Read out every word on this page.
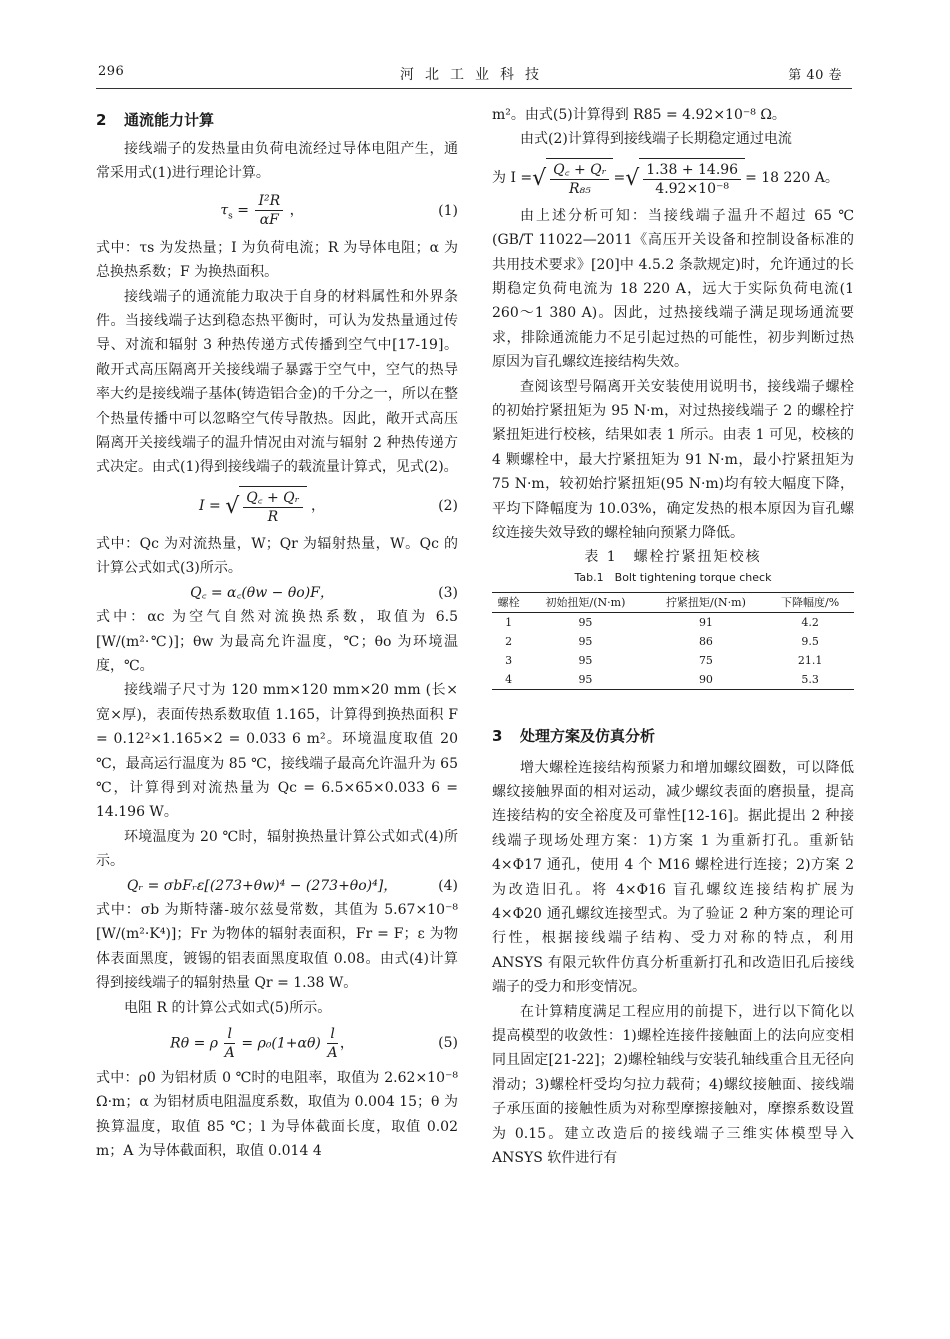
296	河北工业科技	第 40 卷
2 通流能力计算

接线端子的发热量由负荷电流经过导体电阻产生，通常采用式(1)进行理论计算。

$\tau_s = \frac{\text{I²R}}{\alpha F}$ ，	(1)

式中：τs 为发热量；I 为负荷电流；R 为导体电阻；α 为总换热系数；F 为换热面积。

接线端子的通流能力取决于自身的材料属性和外界条件。当接线端子达到稳态热平衡时，可认为发热量通过传导、对流和辐射 3 种热传递方式传播到空气中[17-19]。敞开式高压隔离开关接线端子暴露于空气中，空气的热导率大约是接线端子基体(铸造铝合金)的千分之一，所以在整个热量传播中可以忽略空气传导散热。因此，敞开式高压隔离开关接线端子的温升情况由对流与辐射 2 种热传递方式决定。由式(1)得到接线端子的载流量计算式，见式(2)。

I = √ $\frac{\text{Q꜀ + Qᵣ}}{R}$ ，	(2)

式中：Qc 为对流热量，W；Qr 为辐射热量，W。Qc 的计算公式如式(3)所示。

Q꜀ = α꜀(θw − θo)F，	(3)

式中：αc 为空气自然对流换热系数，取值为 6.5 [W/(m²·℃)]；θw 为最高允许温度，℃；θo 为环境温度，℃。

接线端子尺寸为 120 mm×120 mm×20 mm (长×宽×厚)，表面传热系数取值 1.165，计算得到换热面积 F = 0.12²×1.165×2 = 0.033 6 m²。环境温度取值 20 ℃，最高运行温度为 85 ℃，接线端子最高允许温升为 65 ℃，计算得到对流热量为 Qc = 6.5×65×0.033 6 = 14.196 W。

环境温度为 20 ℃时，辐射换热量计算公式如式(4)所示。

Qᵣ = σbFᵣε[(273+θw)⁴ − (273+θo)⁴]，	(4)

式中：σb 为斯特藩-玻尔兹曼常数，其值为 5.67×10⁻⁸ [W/(m²·K⁴)]；Fr 为物体的辐射表面积，Fr = F；ε 为物体表面黑度，镀锡的铝表面黑度取值 0.08。由式(4)计算得到接线端子的辐射热量 Qr = 1.38 W。

电阻 R 的计算公式如式(5)所示。

Rθ = ρ $\frac{l}{A} = \rho_0(1+\alpha\theta) \frac{l}{A}$ ，	(5)

式中：ρ0 为铝材质 0 ℃时的电阻率，取值为 2.62×10⁻⁸ Ω·m；α 为铝材质电阻温度系数，取值为 0.004 15；θ 为换算温度，取值 85 ℃；l 为导体截面长度，取值 0.02 m；A 为导体截面积，取值 0.014 4

m²。由式(5)计算得到 R85 = 4.92×10⁻⁸ Ω。

由式(2)计算得到接线端子长期稳定通过电流

为 I = √ $\frac{\text{Q꜀ + Qᵣ}}{\text{R₈₅}}$ = √ $\frac{1.38 + 14.96}{\text{4.92×10⁻⁸}} = 18$ 220 A。

由上述分析可知：当接线端子温升不超过 65 ℃(GB/T 11022—2011《高压开关设备和控制设备标准的共用技术要求》[20]中 4.5.2 条款规定)时，允许通过的长期稳定负荷电流为 18 220 A，远大于实际负荷电流(1 260～1 380 A)。因此，过热接线端子满足现场通流要求，排除通流能力不足引起过热的可能性，初步判断过热原因为盲孔螺纹连接结构失效。

查阅该型号隔离开关安装使用说明书，接线端子螺栓的初始拧紧扭矩为 95 N·m，对过热接线端子 2 的螺栓拧紧扭矩进行校核，结果如表 1 所示。由表 1 可见，校核的 4 颗螺栓中，最大拧紧扭矩为 91 N·m，最小拧紧扭矩为 75 N·m，较初始拧紧扭矩(95 N·m)均有较大幅度下降，平均下降幅度为 10.03%，确定发热的根本原因为盲孔螺纹连接失效导致的螺栓轴向预紧力降低。

表 1　螺栓拧紧扭矩校核
Tab.1　Bolt tightening torque check
螺栓	初始扭矩/(N·m)	拧紧扭矩/(N·m)	下降幅度/%
1	95	91	4.2
2	95	86	9.5
3	95	75	21.1
4	95	90	5.3
3 处理方案及仿真分析

增大螺栓连接结构预紧力和增加螺纹圈数，可以降低螺纹接触界面的相对运动，减少螺纹表面的磨损量，提高连接结构的安全裕度及可靠性[12-16]。据此提出 2 种接线端子现场处理方案：1)方案 1 为重新打孔。重新钻 4×Φ17 通孔，使用 4 个 M16 螺栓进行连接；2)方案 2 为改造旧孔。将 4×Φ16 盲孔螺纹连接结构扩展为 4×Φ20 通孔螺纹连接型式。为了验证 2 种方案的理论可行性，根据接线端子结构、受力对称的特点，利用 ANSYS 有限元软件仿真分析重新打孔和改造旧孔后接线端子的受力和形变情况。

在计算精度满足工程应用的前提下，进行以下简化以提高模型的收敛性：1)螺栓连接件接触面上的法向应变相同且固定[21-22]；2)螺栓轴线与安装孔轴线重合且无径向滑动；3)螺栓杆受均匀拉力载荷；4)螺纹接触面、接线端子承压面的接触性质为对称型摩擦接触对，摩擦系数设置为 0.15。建立改造后的接线端子三维实体模型导入 ANSYS 软件进行有
